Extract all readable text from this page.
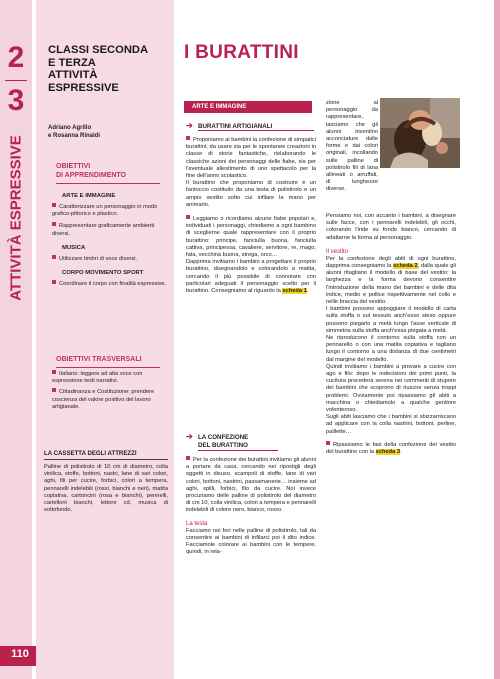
2
3
ATTIVITÀ ESPRESSIVE
110
CLASSI SECONDA
E TERZA
ATTIVITÀ
ESPRESSIVE
Adriano Agrillo
e Rosanna Rinaldi
OBIETTIVI
DI APPRENDIMENTO
ARTE E IMMAGINE
Caratterizzare un personaggio in modo grafico-pittorico e plastico.
Rappresentare graficamente ambienti diversi.
MUSICA
Utilizzare timbri di voce diversi.
CORPO MOVIMENTO SPORT
Coordinare il corpo con finalità espressive.
OBIETTIVI TRASVERSALI
Italiano: leggere ad alta voce con espressione testi narrativi.
Cittadinanza e Costituzione: prendere coscienza del valore positivo del lavoro artigianale.
LA CASSETTA DEGLI ATTREZZI
Palline di polistirolo di 10 cm di diametro, colla vinilica, stoffe, bottoni, nastri, lane di vari colori, aghi, fili per cucire, forbici, colori a tempera, pennarelli indelebili (rossi, bianchi e neri), matita copiativa, cartoncini (rosa e bianchi), pennelli, cartelloni bianchi, lettore cd, musica di sottofondo.
I BURATTINI
ARTE E IMMAGINE
➔ BURATTINI ARTIGIANALI
Proponiamo ai bambini la confezione di simpatici burattini, da usare sia per le spontanee creazioni in classe di storie fantastiche, rielaborando le classiche azioni dei personaggi delle fiabe, sia per l'eventuale allestimento di uno spettacolo per la fine dell'anno scolastico.
Il burattino che proponiamo di costruire è un fantoccio costituito da una testa di polistirolo e un ampio vestito sotto cui infilare la mano per animarlo.
Leggiamo o ricordiamo alcune fiabe popolari e, individuati i personaggi, chiediamo a ogni bambino di sceglierne quale rappresentare con il proprio burattino: principe, fanciulla buona, fanciulla cattiva, principessa, cavaliere, servitore, re, mago, fata, vecchina buona, strega, orco…
Dapprima invitiamo i bambini a progettare il proprio burattino, disegnandolo e colorandolo a matita, cercando il più possibile di connotare con particolari adeguati il personaggio scelto per il burattino. Consegniamo al riguardo la scheda 1.
➔ LA CONFEZIONE
DEL BURATTINO
Per la confezione dei burattini invitiamo gli alunni a portare da casa, cercando nei ripostigli degli oggetti in disuso, scampoli di stoffe, lane di vari colori, bottoni, nastrini, passamanerie… insieme ad aghi, spilli, forbici, filo da cucire. Noi invece procuriamo delle palline di polistirolo del diametro di cm 10, colla vinilica, colori a tempera e pennarelli indelebili di colore nero, bianco, rosso.
La testa
Facciamo noi fori nelle palline di polistirolo, tali da consentire ai bambini di infilarci poi il dito indice. Facciamole colorare ai bambini con le tempere, quindi, in rela-
zione al personaggio da rappresentare, lasciamo che gli alunni inventino acconciature dalle forme e dai colori originali, incollando sulle palline di polistirolo fili di lana allineati o arruffati, di lunghezze diverse.
Pensiamo noi, con accanto i bambini, a disegnare sulle facce, con i pennarelli indelebili, gli occhi, colorando l'iride su fondo bianco, cercando di adattarne la forma al personaggio.
Il vestito
Per la confezione degli abiti di ogni burattino, dapprima consegniamo la scheda 2, dalla quale gli alunni ritagliano il modello di base del vestito: la larghezza e la forma devono consentire l'introduzione della mano dei bambini e delle dita indice, medio e pollice rispettivamente nel collo e nelle braccia del vestito.
I bambini possono appoggiare il modello di carta sulla stoffa o sul tessuto anch'esso steso oppure possono piegarlo a metà lungo l'asse verticale di simmetria sulla stoffa anch'essa piegata a metà.
Ne riproducono il contorno sulla stoffa con un pennarello o con una matita copiativa e tagliano lungo il contorno a una distanza di due centimetri dal margine del modello.
Quindi invitiamo i bambini a provare a cucire con ago e filo: dopo le indecisioni dei primi punti, la cucitura procederà serena nei commenti di stupore dei bambini che scoprono di riuscire senza troppi problemi. Ovviamente poi ripassiamo gli abiti a macchina o chiediamolo a qualche genitore volenteroso.
Sugli abiti lasciamo che i bambini si sbizzarriscano ad applicare con la colla nastrini, bottoni, perline, paillette…
Ripassiamo le fasi della confezione del vestito del burattino con la scheda 3.
